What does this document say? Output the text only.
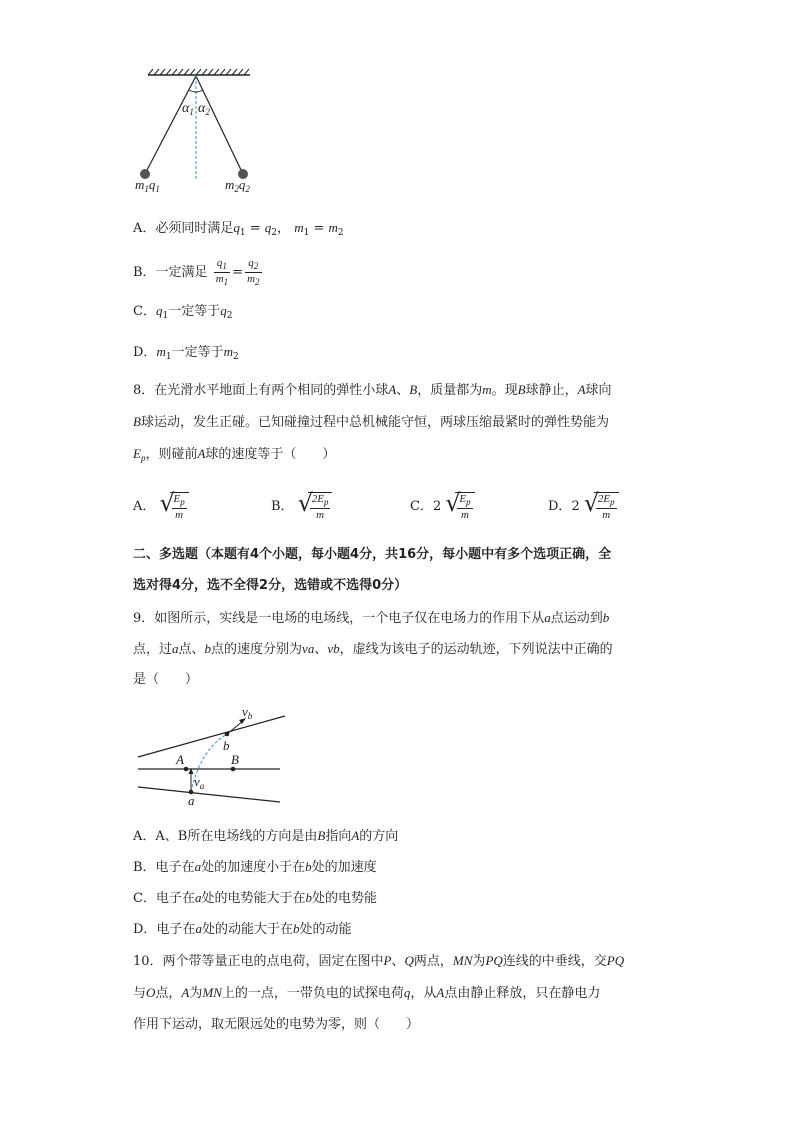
$\alpha_1$ $\alpha_2$
$m_1q_1$	$m_2q_2$
A．必须同时满足$q_1 = q_2$， $m_1 = m_2$
B．一定满足 $\frac{q_1}{m_1} = \frac{q_2}{m_2}$
C．$q_1$一定等于$q_2$
D．$m_1$一定等于$m_2$
8．在光滑水平地面上有两个相同的弹性小球A、B，质量都为m。现B球静止，A球向
B球运动，发生正碰。已知碰撞过程中总机械能守恒，两球压缩最紧时的弹性势能为
$E_p$，则碰前A球的速度等于（　　）
A． √
$\frac{E_p}{m}$	B． √
$\frac{2E_p}{m}$	C．2 √
$\frac{E_p}{m}$	D．2 √
$\frac{2E_p}{m}$
二、多选题（本题有4个小题，每小题4分，共16分，每小题中有多个选项正确，全
选对得4分，选不全得2分，选错或不选得0分）
9．如图所示，实线是一电场的电场线，一个电子仅在电场力的作用下从a点运动到b
点，过a点、b点的速度分别为va、vb，虚线为该电子的运动轨迹，下列说法中正确的
是（　　）
$v_b$
b
A	B
$v_a$
a
A．A、B所在电场线的方向是由B指向A的方向
B．电子在a处的加速度小于在b处的加速度
C．电子在a处的电势能大于在b处的电势能
D．电子在a处的动能大于在b处的动能
10．两个带等量正电的点电荷，固定在图中P、Q两点，MN为PQ连线的中垂线，交PQ
与O点，A为MN上的一点，一带负电的试探电荷q，从A点由静止释放，只在静电力
作用下运动，取无限远处的电势为零，则（　　）
